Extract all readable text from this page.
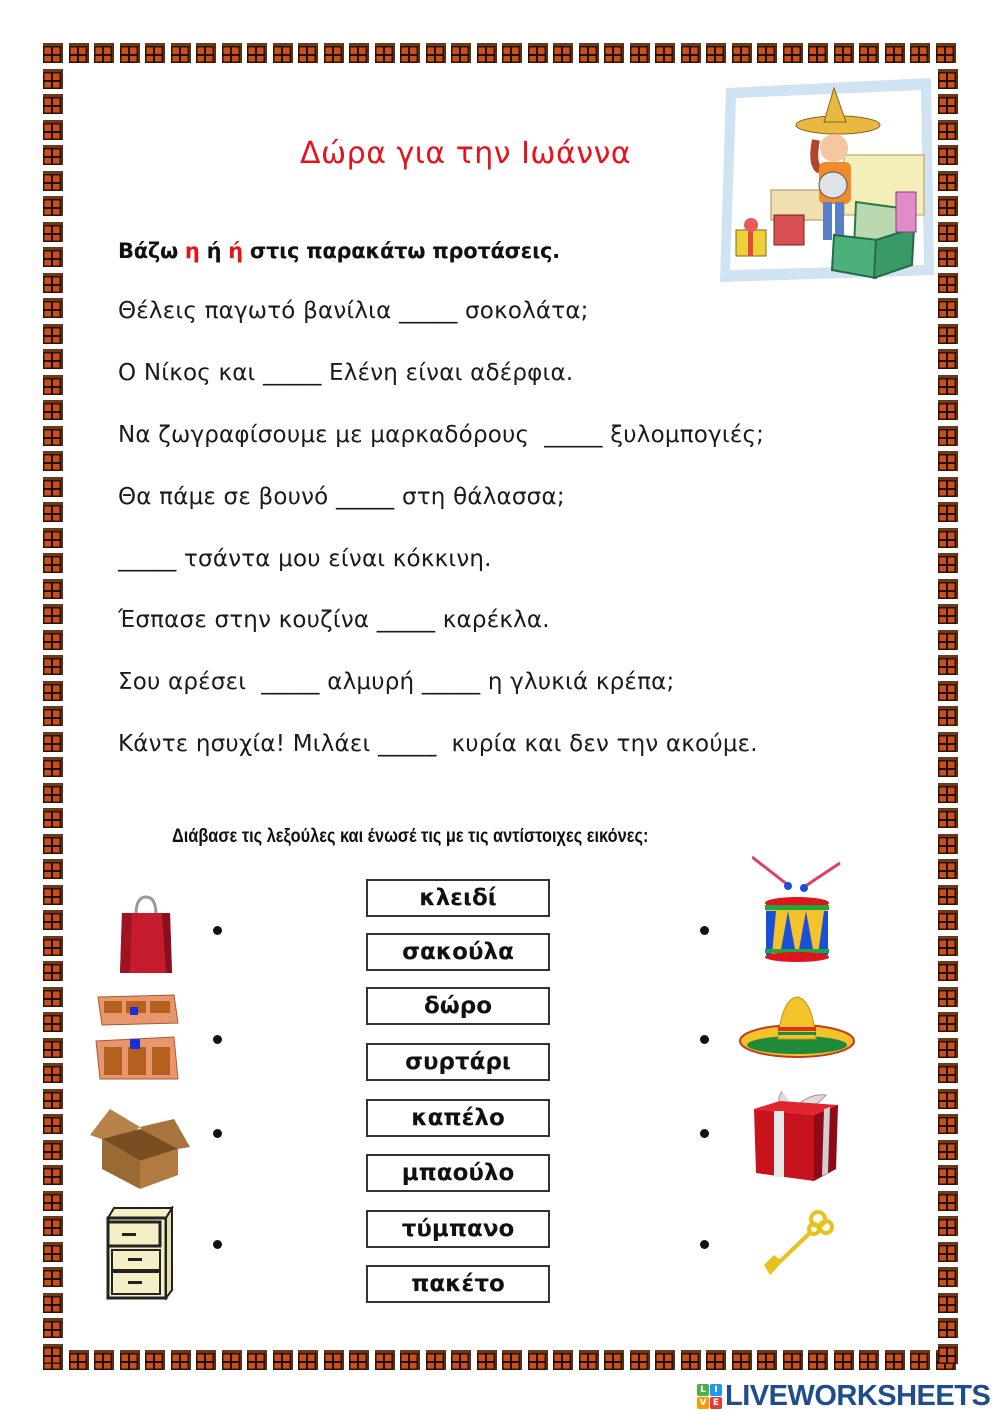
Δώρα για την Ιωάννα
Βάζω η ή ή στις παρακάτω προτάσεις.
Θέλεις παγωτό βανίλια _____ σοκολάτα;
Ο Νίκος και _____ Ελένη είναι αδέρφια.
Να ζωγραφίσουμε με μαρκαδόρους  _____ ξυλομπογιές;
Θα πάμε σε βουνό _____ στη θάλασσα;
_____ τσάντα μου είναι κόκκινη.
Έσπασε στην κουζίνα _____ καρέκλα.
Σου αρέσει  _____ αλμυρή _____ η γλυκιά κρέπα;
Κάντε ησυχία! Μιλάει _____  κυρία και δεν την ακούμε.
Διάβασε τις λεξούλες και ένωσέ τις με τις αντίστοιχες εικόνες:
κλειδί
σακούλα
δώρο
συρτάρι
καπέλο
μπαούλο
τύμπανο
πακέτο
L I
V E LIVEWORKSHEETS
